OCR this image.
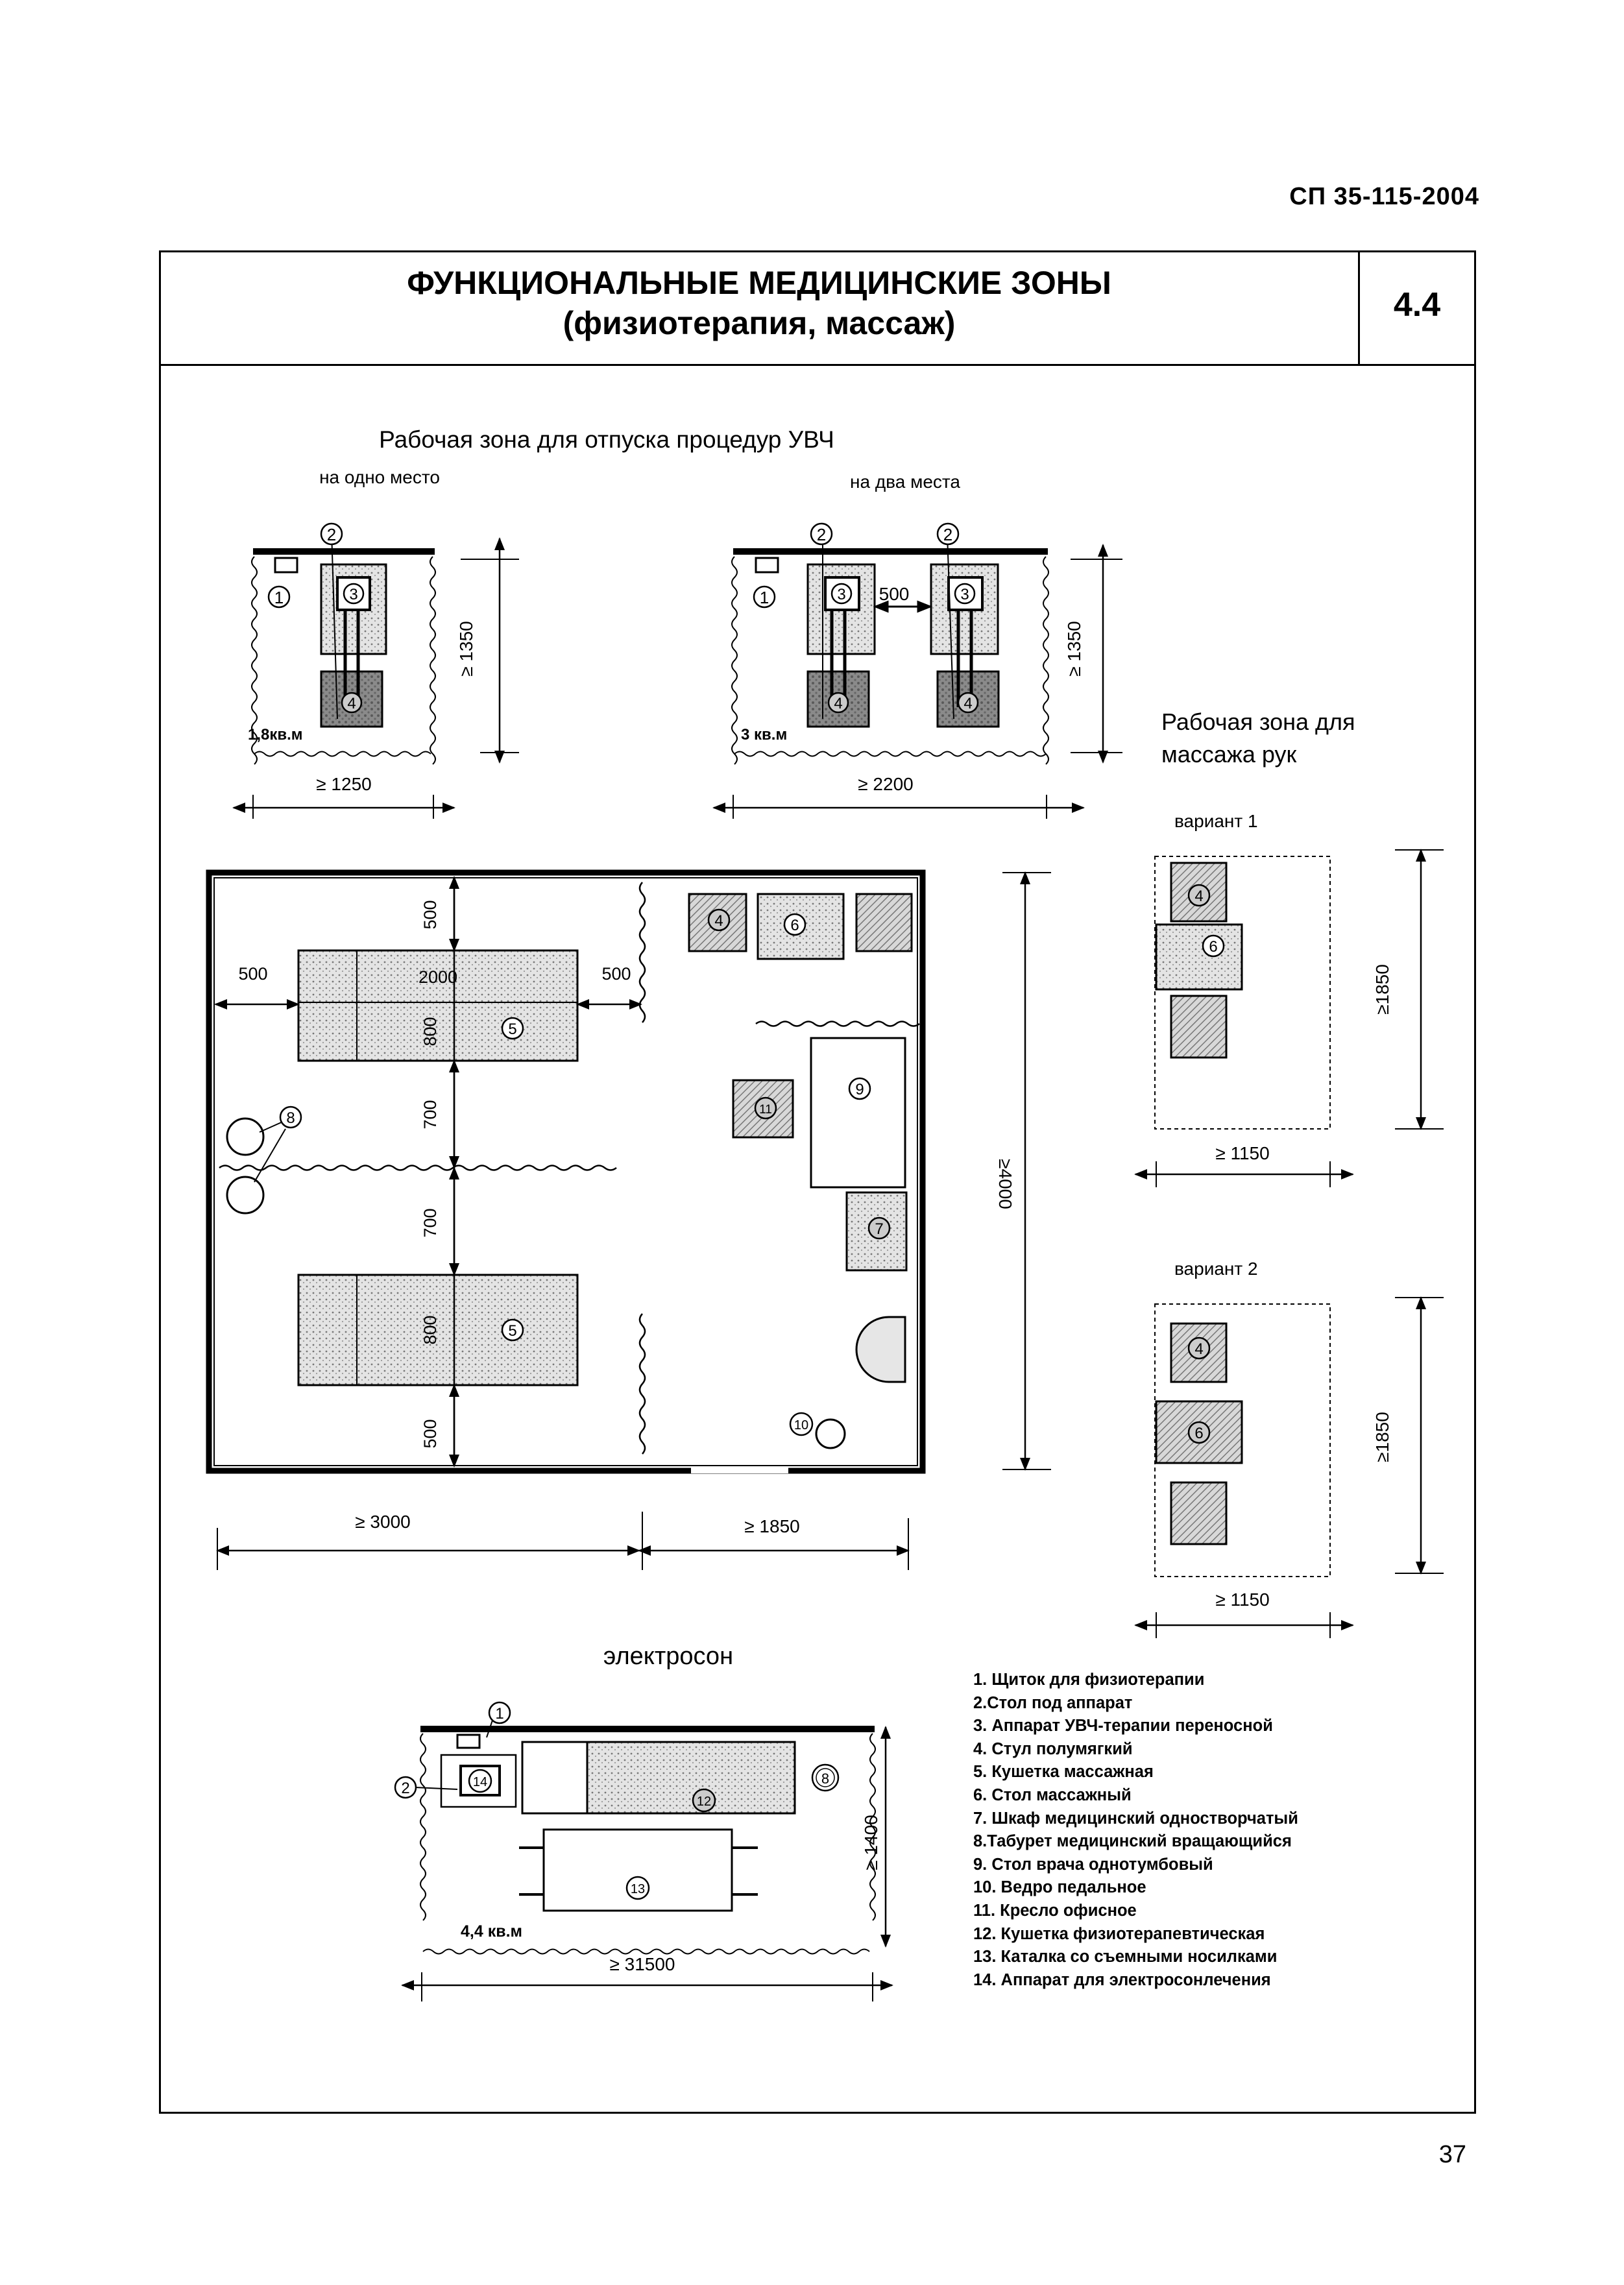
СП 35-115-2004
ФУНКЦИОНАЛЬНЫЕ МЕДИЦИНСКИЕ ЗОНЫ
(физиотерапия, массаж)	4.4
Рабочая зона для отпуска процедур УВЧ
на одно место	на два места
2
1	3
4
1,8кв.м
≥ 1350
≥ 1250
500
2	2
1	3	3
4	4
3 кв.м
≥ 1350
≥ 2200
4	6
5
5
8
9
11
7
10
500
500	500
2000
800
700
700
800
500
≥4000
≥ 3000	≥ 1850
Рабочая зона для
массажа рук
вариант 1
4
6
≥1850
≥ 1150
вариант 2
4
6	≥1850
≥ 1150
электросон
1
2	14
12
13
8
4,4 кв.м
≥ 1400
≥ 31500
1. Щиток для физиотерапии
2.Стол под аппарат
3. Аппарат УВЧ-терапии переносной
4. Стул полумягкий
5. Кушетка массажная
6. Стол массажный
7. Шкаф медицинский одностворчатый
8.Табурет медицинский вращающийся
9. Стол врача однотумбовый
10. Ведро педальное
11. Кресло офисное
12. Кушетка физиотерапевтическая
13. Каталка со съемными носилками
14. Аппарат для электросонлечения
37
